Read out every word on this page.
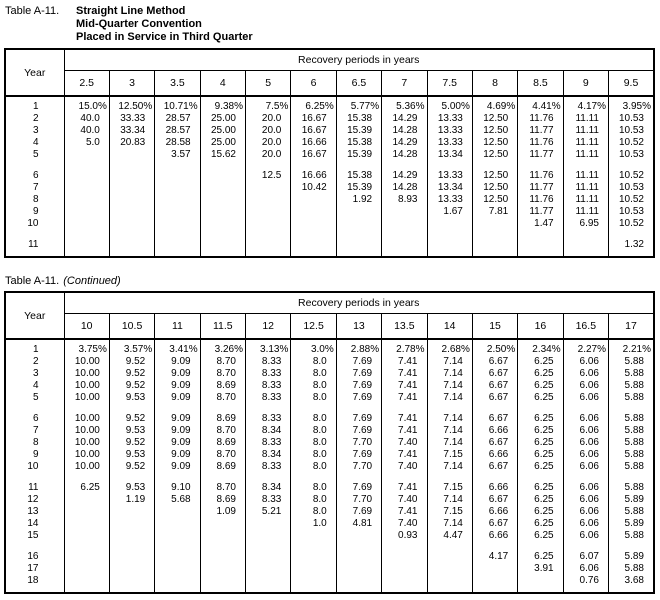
Table A-11.	Straight Line Method
Mid-Quarter Convention
Placed in Service in Third Quarter
Year	Recovery periods in years												
	2.5	3	3.5	4	5	6	6.5	7	7.5	8	8.5	9	9.5
1	15.0%	12.50%	10.71%	9.38%	7.5%	6.25%	5.77%	5.36%	5.00%	4.69%	4.41%	4.17%	3.95%
2	40.0	33.33	28.57	25.00	20.0	16.67	15.38	14.29	13.33	12.50	11.76	11.11	10.53
3	40.0	33.34	28.57	25.00	20.0	16.67	15.39	14.28	13.33	12.50	11.77	11.11	10.53
4	5.0	20.83	28.58	25.00	20.0	16.66	15.38	14.29	13.33	12.50	11.76	11.11	10.52
5			3.57	15.62	20.0	16.67	15.39	14.28	13.34	12.50	11.77	11.11	10.53

6					12.5	16.66	15.38	14.29	13.33	12.50	11.76	11.11	10.52
7						10.42	15.39	14.28	13.34	12.50	11.77	11.11	10.53
8							1.92	8.93	13.33	12.50	11.76	11.11	10.52
9									1.67	7.81	11.77	11.11	10.53
10											1.47	6.95	10.52

11													1.32

Table A-11. (Continued)
Year	Recovery periods in years												
	10	10.5	11	11.5	12	12.5	13	13.5	14	15	16	16.5	17
1	3.75%	3.57%	3.41%	3.26%	3.13%	3.0%	2.88%	2.78%	2.68%	2.50%	2.34%	2.27%	2.21%
2	10.00	9.52	9.09	8.70	8.33	8.0	7.69	7.41	7.14	6.67	6.25	6.06	5.88
3	10.00	9.52	9.09	8.70	8.33	8.0	7.69	7.41	7.14	6.67	6.25	6.06	5.88
4	10.00	9.52	9.09	8.69	8.33	8.0	7.69	7.41	7.14	6.67	6.25	6.06	5.88
5	10.00	9.53	9.09	8.70	8.33	8.0	7.69	7.41	7.14	6.67	6.25	6.06	5.88

6	10.00	9.52	9.09	8.69	8.33	8.0	7.69	7.41	7.14	6.67	6.25	6.06	5.88
7	10.00	9.53	9.09	8.70	8.34	8.0	7.69	7.41	7.14	6.66	6.25	6.06	5.88
8	10.00	9.52	9.09	8.69	8.33	8.0	7.70	7.40	7.14	6.67	6.25	6.06	5.88
9	10.00	9.53	9.09	8.70	8.34	8.0	7.69	7.41	7.15	6.66	6.25	6.06	5.88
10	10.00	9.52	9.09	8.69	8.33	8.0	7.70	7.40	7.14	6.67	6.25	6.06	5.88

11	6.25	9.53	9.10	8.70	8.34	8.0	7.69	7.41	7.15	6.66	6.25	6.06	5.88
12		1.19	5.68	8.69	8.33	8.0	7.70	7.40	7.14	6.67	6.25	6.06	5.89
13				1.09	5.21	8.0	7.69	7.41	7.15	6.66	6.25	6.06	5.88
14						1.0	4.81	7.40	7.14	6.67	6.25	6.06	5.89
15								0.93	4.47	6.66	6.25	6.06	5.88

16										4.17	6.25	6.07	5.89
17											3.91	6.06	5.88
18												0.76	3.68
